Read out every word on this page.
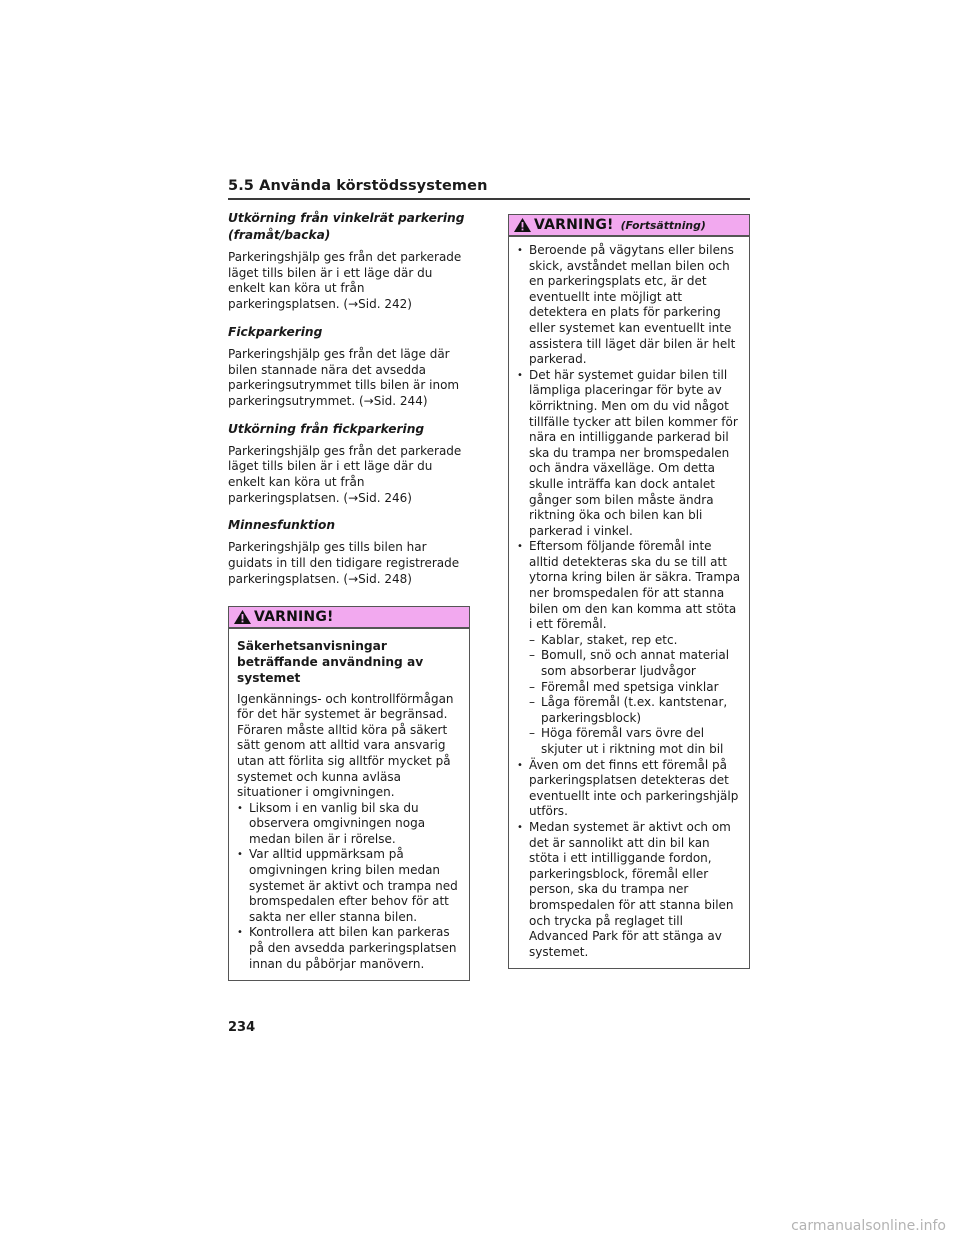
5.5 Använda körstödssystemen
Utkörning från vinkelrät parkering (framåt/backa)
Parkeringshjälp ges från det parkerade läget tills bilen är i ett läge där du enkelt kan köra ut från parkeringsplatsen. (→Sid. 242)
Fickparkering
Parkeringshjälp ges från det läge där bilen stannade nära det avsedda parkeringsutrymmet tills bilen är inom parkeringsutrymmet. (→Sid. 244)
Utkörning från fickparkering
Parkeringshjälp ges från det parkerade läget tills bilen är i ett läge där du enkelt kan köra ut från parkeringsplatsen. (→Sid. 246)
Minnesfunktion
Parkeringshjälp ges tills bilen har guidats in till den tidigare registrerade parkeringsplatsen. (→Sid. 248)
VARNING!
Säkerhetsanvisningar beträffande användning av systemet
Igenkännings- och kontrollförmågan för det här systemet är begränsad. Föraren måste alltid köra på säkert sätt genom att alltid vara ansvarig utan att förlita sig alltför mycket på systemet och kunna avläsa situationer i omgivningen.
• Liksom i en vanlig bil ska du observera omgivningen noga medan bilen är i rörelse.
• Var alltid uppmärksam på omgivningen kring bilen medan systemet är aktivt och trampa ned bromspedalen efter behov för att sakta ner eller stanna bilen.
• Kontrollera att bilen kan parkeras på den avsedda parkeringsplatsen innan du påbörjar manövern.
VARNING! (Fortsättning)
• Beroende på vägytans eller bilens skick, avståndet mellan bilen och en parkeringsplats etc, är det eventuellt inte möjligt att detektera en plats för parkering eller systemet kan eventuellt inte assistera till läget där bilen är helt parkerad.
• Det här systemet guidar bilen till lämpliga placeringar för byte av körriktning. Men om du vid något tillfälle tycker att bilen kommer för nära en intilliggande parkerad bil ska du trampa ner bromspedalen och ändra växelläge. Om detta skulle inträffa kan dock antalet gånger som bilen måste ändra riktning öka och bilen kan bli parkerad i vinkel.
• Eftersom följande föremål inte alltid detekteras ska du se till att ytorna kring bilen är säkra. Trampa ner bromspedalen för att stanna bilen om den kan komma att stöta i ett föremål.
– Kablar, staket, rep etc.
– Bomull, snö och annat material som absorberar ljudvågor
– Föremål med spetsiga vinklar
– Låga föremål (t.ex. kantstenar, parkeringsblock)
– Höga föremål vars övre del skjuter ut i riktning mot din bil
• Även om det finns ett föremål på parkeringsplatsen detekteras det eventuellt inte och parkeringshjälp utförs.
• Medan systemet är aktivt och om det är sannolikt att din bil kan stöta i ett intilliggande fordon, parkeringsblock, föremål eller person, ska du trampa ner bromspedalen för att stanna bilen och trycka på reglaget till Advanced Park för att stänga av systemet.
234
carmanualsonline.info
